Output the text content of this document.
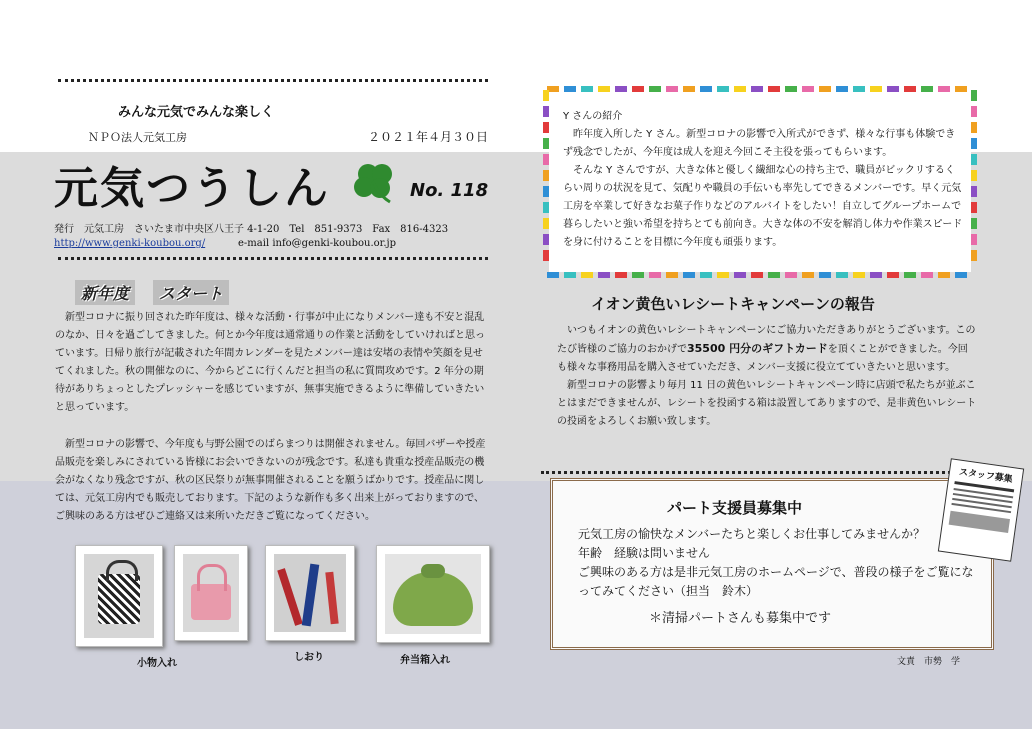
みんな元気でみんな楽しく
ＮＰＯ法人元気工房	２０２１年４月３０日
元気つうしん	No. 118
発行　元気工房　さいたま市中央区八王子 4-1-20　Tel　851-9373　Fax　816-4323
http://www.genki-koubou.org/	e-mail info@genki-koubou.or.jp
新年度	スタート
　新型コロナに振り回された昨年度は、様々な活動・行事が中止になりメンバー達も不安と混乱のなか、日々を過ごしてきました。何とか今年度は通常通りの作業と活動をしていければと思っています。日帰り旅行が記載された年間カレンダーを見たメンバー達は安堵の表情や笑顔を見せてくれました。秋の開催なのに、今からどこに行くんだと担当の私に質問攻めです。2 年分の期待がありちょっとしたプレッシャーを感じていますが、無事実施できるように準備していきたいと思っています。
　新型コロナの影響で、今年度も与野公園でのばらまつりは開催されません。毎回バザーや授産品販売を楽しみにされている皆様にお会いできないのが残念です。私達も貴重な授産品販売の機会がなくなり残念ですが、秋の区民祭りが無事開催されることを願うばかりです。授産品に関しては、元気工房内でも販売しております。下記のような新作も多く出来上がっておりますので、ご興味のある方はぜひご連絡又は来所いただきご覧になってください。
小物入れ
しおり	弁当箱入れ
Y さんの紹介
　昨年度入所した Y さん。新型コロナの影響で入所式ができず、様々な行事も体験できず残念でしたが、今年度は成人を迎え今回こそ主役を張ってもらいます。
　そんな Y さんですが、大きな体と優しく繊細な心の持ち主で、職員がビックリするくらい周りの状況を見て、気配りや職員の手伝いも率先してできるメンバーです。早く元気工房を卒業して好きなお菓子作りなどのアルバイトをしたい！自立してグループホームで暮らしたいと強い希望を持ちとても前向き。大きな体の不安を解消し体力や作業スピードを身に付けることを目標に今年度も頑張ります。
イオン黄色いレシートキャンペーンの報告
　いつもイオンの黄色いレシートキャンペーンにご協力いただきありがとうございます。このたび皆様のご協力のおかげで35500 円分のギフトカードを頂くことができました。今回も様々な事務用品を購入させていただき、メンバー支援に役立てていきたいと思います。
　新型コロナの影響より毎月 11 日の黄色いレシートキャンペーン時に店頭で私たちが並ぶことはまだできませんが、レシートを投函する箱は設置してありますので、是非黄色いレシートの投函をよろしくお願い致します。
パート支援員募集中
元気工房の愉快なメンバーたちと楽しくお仕事してみませんか？
年齢　経験は問いません
ご興味のある方は是非元気工房のホームページで、普段の様子をご覧になってみてください（担当　鈴木）
＊清掃パートさんも募集中です
スタッフ募集
文責　市勢　学
